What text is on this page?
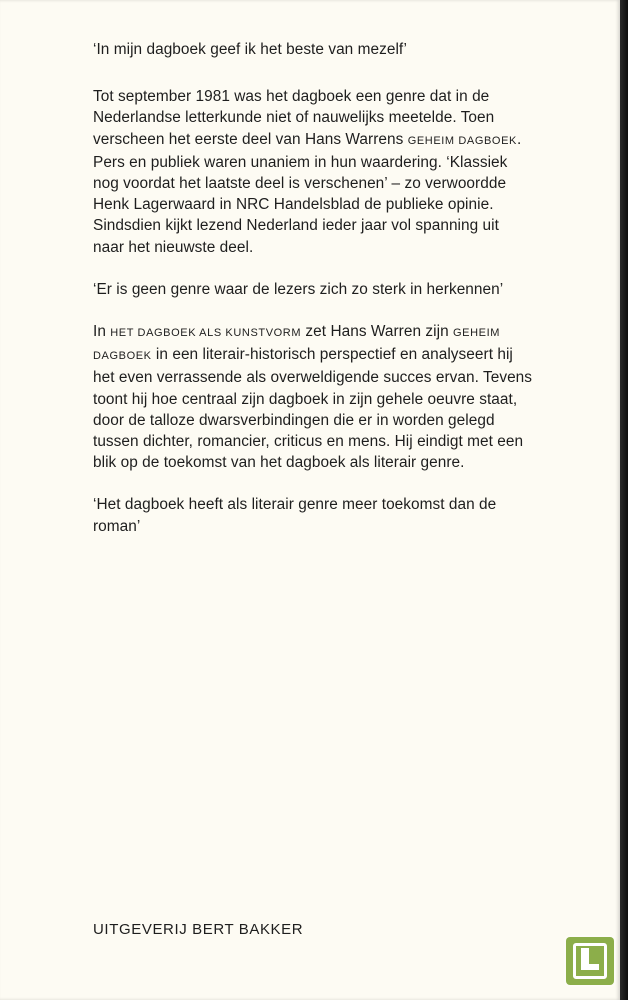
‘In mijn dagboek geef ik het beste van mezelf’

Tot september 1981 was het dagboek een genre dat in de Nederlandse letterkunde niet of nauwelijks meetelde. Toen verscheen het eerste deel van Hans Warrens GEHEIM DAGBOEK. Pers en publiek waren unaniem in hun waardering. ‘Klassiek nog voordat het laatste deel is verschenen’ – zo verwoordde Henk Lagerwaard in NRC Handelsblad de publieke opinie. Sindsdien kijkt lezend Nederland ieder jaar vol spanning uit naar het nieuwste deel.

‘Er is geen genre waar de lezers zich zo sterk in herkennen’

In HET DAGBOEK ALS KUNSTVORM zet Hans Warren zijn GEHEIM DAGBOEK in een literair-historisch perspectief en analyseert hij het even verrassende als overweldigende succes ervan. Tevens toont hij hoe centraal zijn dagboek in zijn gehele oeuvre staat, door de talloze dwarsverbindingen die er in worden gelegd tussen dichter, romancier, criticus en mens. Hij eindigt met een blik op de toekomst van het dagboek als literair genre.

‘Het dagboek heeft als literair genre meer toekomst dan de roman’

UITGEVERIJ BERT BAKKER
